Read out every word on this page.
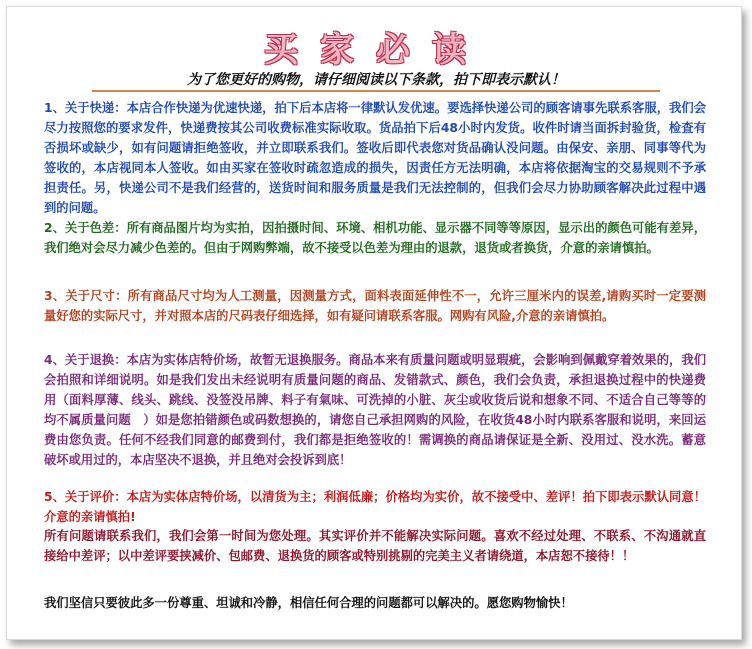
买家必读
为了您更好的购物，请仔细阅读以下条款，拍下即表示默认！
1、关于快递：本店合作快递为优速快递，拍下后本店将一律默认发优速。要选择快递公司的顾客请事先联系客服，我们会尽力按照您的要求发件，快递费按其公司收费标准实际收取。货品拍下后48小时内发货。收件时请当面拆封验货，检查有否损坏或缺少，如有问题请拒绝签收，并立即联系我们。签收后即代表您对货品确认没问题。由保安、亲朋、同事等代为签收的，本店视同本人签收。如由买家在签收时疏忽造成的损失，因责任方无法明确，本店将依据淘宝的交易规则不予承担责任。另，快递公司不是我们经营的，送货时间和服务质量是我们无法控制的，但我们会尽力协助顾客解决此过程中遇到的问题。
2、关于色差：所有商品图片均为实拍，因拍摄时间、环境、相机功能、显示器不同等等原因，显示出的颜色可能有差异，我们绝对会尽力减少色差的。但由于网购弊端，故不接受以色差为理由的退款，退货或者换货，介意的亲请慎拍。
3、关于尺寸：所有商品尺寸均为人工测量，因测量方式，面料表面延伸性不一，允许三厘米内的误差,请购买时一定要测量好您的实际尺寸，并对照本店的尺码表仔细选择，如有疑问请联系客服。网购有风险,介意的亲请慎拍。
4、关于退换：本店为实体店特价场，故暂无退换服务。商品本来有质量问题或明显瑕疵，会影响到佩戴穿着效果的，我们会拍照和详细说明。如是我们发出未经说明有质量问题的商品、发错款式、颜色，我们会负责，承担退换过程中的快递费用（面料厚薄、线头、跳线、没签没吊牌、料子有氣味、可洗掉的小脏、灰尘或收货后说和想象不同、不适合自己等等的均不属质量问题　）如是您拍错颜色或码数想换的，请您自己承担网购的风险，在收货48小时内联系客服和说明，来回运费由您负责。任何不经我们同意的邮费到付，我们都是拒绝签收的！需调换的商品请保证是全新、没用过、没水洗。蓄意破坏或用过的，本店坚决不退换，并且绝对会投诉到底！
5、关于评价：本店为实体店特价场，以清货为主；利润低廉；价格均为实价，故不接受中、差评！拍下即表示默认同意！介意的亲请慎拍!
所有问题请联系我们，我们会第一时间为您处理。其实评价并不能解决实际问题。喜欢不经过处理、不联系、不沟通就直接给中差评；以中差评要挟减价、包邮费、退换货的顾客或特别挑剔的完美主义者请绕道，本店恕不接待！！
我们坚信只要彼此多一份尊重、坦诚和冷静，相信任何合理的问题都可以解决的。愿您购物愉快！
